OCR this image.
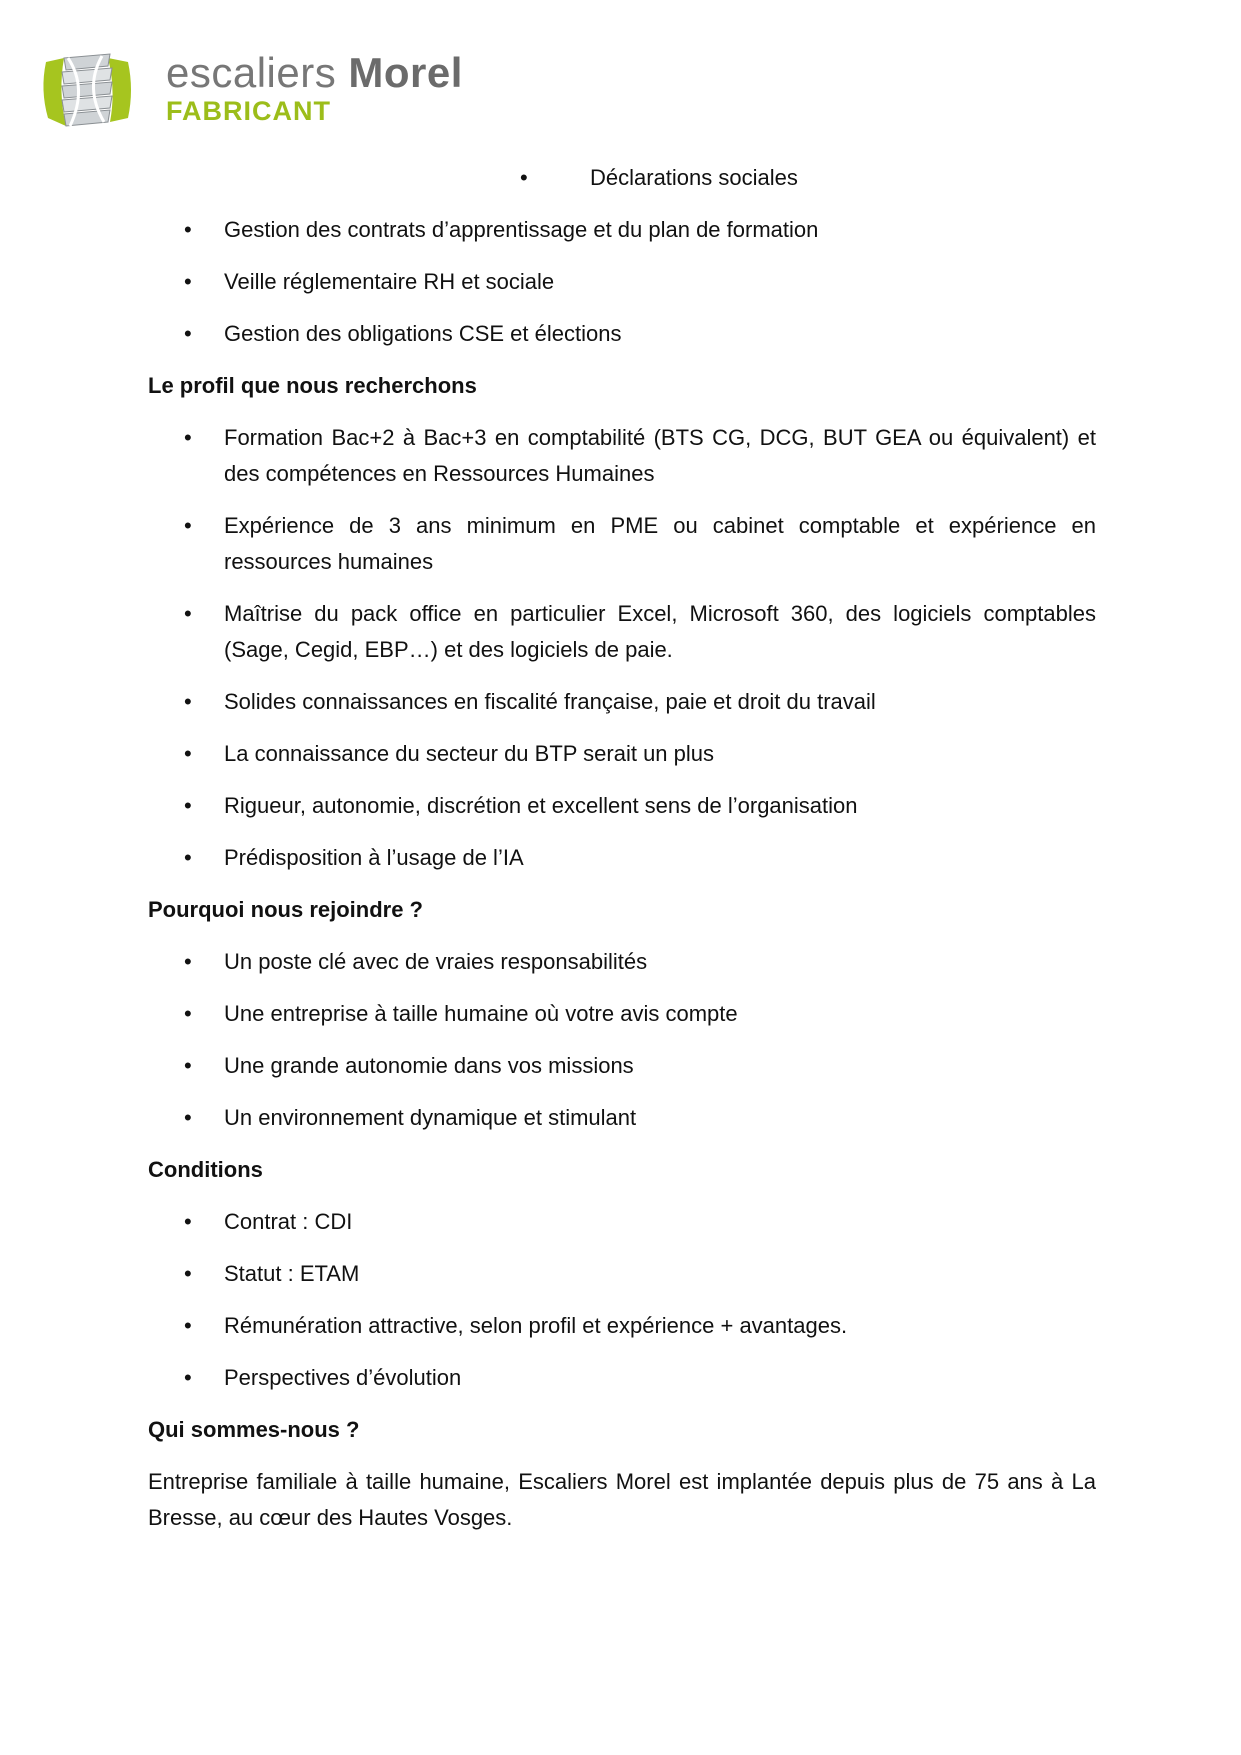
escaliers Morel
FABRICANT
•	Déclarations sociales
• Gestion des contrats d’apprentissage et du plan de formation
• Veille réglementaire RH et sociale
• Gestion des obligations CSE et élections
Le profil que nous recherchons
• Formation Bac+2 à Bac+3 en comptabilité (BTS CG, DCG, BUT GEA ou équivalent) et des compétences en Ressources Humaines
• Expérience de 3 ans minimum en PME ou cabinet comptable et expérience en ressources humaines
• Maîtrise du pack office en particulier Excel, Microsoft 360, des logiciels comptables (Sage, Cegid, EBP…) et des logiciels de paie.
• Solides connaissances en fiscalité française, paie et droit du travail
• La connaissance du secteur du BTP serait un plus
• Rigueur, autonomie, discrétion et excellent sens de l’organisation
• Prédisposition à l’usage de l’IA
Pourquoi nous rejoindre ?
• Un poste clé avec de vraies responsabilités
• Une entreprise à taille humaine où votre avis compte
• Une grande autonomie dans vos missions
• Un environnement dynamique et stimulant
Conditions
• Contrat : CDI
• Statut : ETAM
• Rémunération attractive, selon profil et expérience + avantages.
• Perspectives d’évolution
Qui sommes-nous ?

Entreprise familiale à taille humaine, Escaliers Morel est implantée depuis plus de 75 ans à La Bresse, au cœur des Hautes Vosges.
